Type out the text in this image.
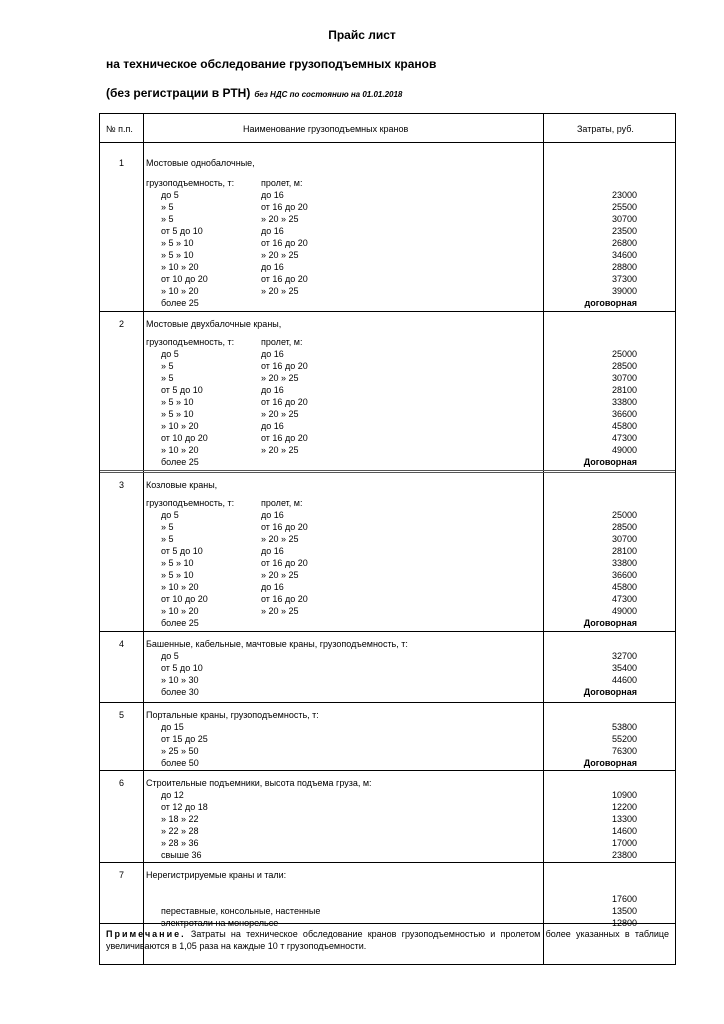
Прайс лист
на техническое обследование грузоподъемных кранов
(без регистрации в РТН) без НДС по состоянию на 01.01.2018
№ п.п.	Наименование грузоподъемных кранов	Затраты, руб.
1 Мостовые однобалочные,
грузоподъемность, т:	пролет, м:
до 5	до 16	23000
» 5	от 16 до 20	25500
» 5	» 20 » 25	30700
от 5 до 10	до 16	23500
» 5 » 10	от 16 до 20	26800
» 5 » 10	» 20 » 25	34600
» 10 » 20	до 16	28800
от 10 до 20	от 16 до 20	37300
» 10 » 20	» 20 » 25	39000
более 25	договорная
2 Мостовые двухбалочные краны,
грузоподъемность, т:	пролет, м:
до 5	до 16	25000
» 5	от 16 до 20	28500
» 5	» 20 » 25	30700
от 5 до 10	до 16	28100
» 5 » 10	от 16 до 20	33800
» 5 » 10	» 20 » 25	36600
» 10 » 20	до 16	45800
от 10 до 20	от 16 до 20	47300
» 10 » 20	» 20 » 25	49000
более 25	Договорная
3 Козловые краны,
грузоподъемность, т:	пролет, м:
до 5	до 16	25000
» 5	от 16 до 20	28500
» 5	» 20 » 25	30700
от 5 до 10	до 16	28100
» 5 » 10	от 16 до 20	33800
» 5 » 10	» 20 » 25	36600
» 10 » 20	до 16	45800
от 10 до 20	от 16 до 20	47300
» 10 » 20	» 20 » 25	49000
более 25	Договорная
4 Башенные, кабельные, мачтовые краны, грузоподъемность, т:
до 5	32700
от 5 до 10	35400
» 10 » 30	44600
более 30	Договорная
5 Портальные краны, грузоподъемность, т:
до 15	53800
от 15 до 25	55200
» 25 » 50	76300
более 50	Договорная
6 Строительные подъемники, высота подъема груза, м:
до 12	10900
от 12 до 18	12200
» 18 » 22	13300
» 22 » 28	14600
» 28 » 36	17000
свыше 36	23800
7 Нерегистрируемые краны и тали:
17600
переставные, консольные, настенные	13500
электротали на монорельсе	12800
Примечание. Затраты на техническое обследование кранов грузоподъемностью и пролетом более указанных в таблице увеличиваются в 1,05 раза на каждые 10 т грузоподъемности.
